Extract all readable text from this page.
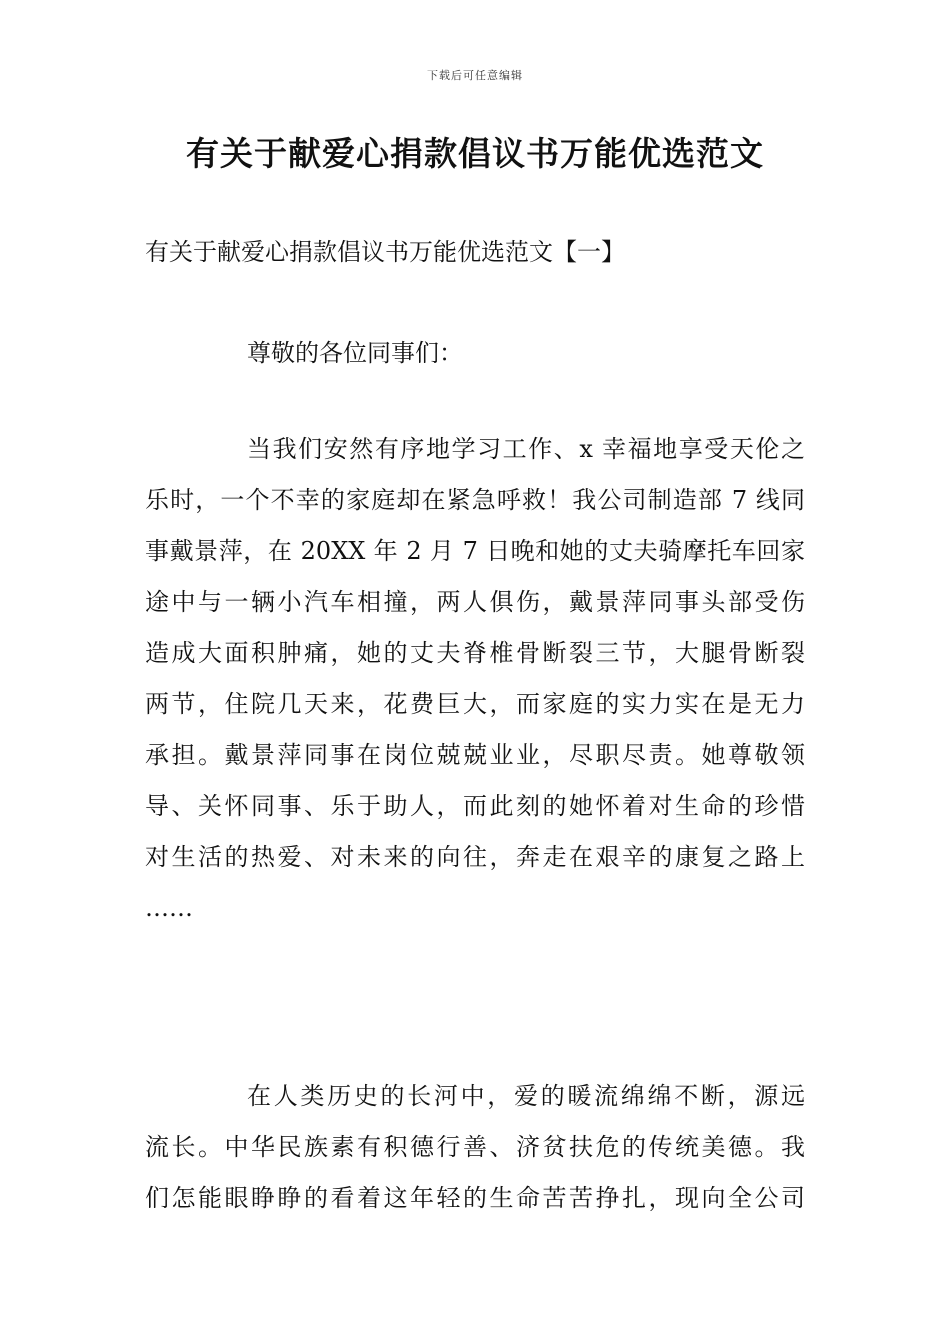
下载后可任意编辑
有关于献爱心捐款倡议书万能优选范文
有关于献爱心捐款倡议书万能优选范文【一】
尊敬的各位同事们：
当我们安然有序地学习工作、x 幸福地享受天伦之
乐时，一个不幸的家庭却在紧急呼救！我公司制造部 7 线同
事戴景萍，在 20XX 年 2 月 7 日晚和她的丈夫骑摩托车回家
途中与一辆小汽车相撞，两人俱伤，戴景萍同事头部受伤
造成大面积肿痛，她的丈夫脊椎骨断裂三节，大腿骨断裂
两节，住院几天来，花费巨大，而家庭的实力实在是无力
承担。戴景萍同事在岗位兢兢业业，尽职尽责。她尊敬领
导、关怀同事、乐于助人，而此刻的她怀着对生命的珍惜
对生活的热爱、对未来的向往，奔走在艰辛的康复之路上
……
在人类历史的长河中，爱的暖流绵绵不断，源远
流长。中华民族素有积德行善、济贫扶危的传统美德。我
们怎能眼睁睁的看着这年轻的生命苦苦挣扎，现向全公司
